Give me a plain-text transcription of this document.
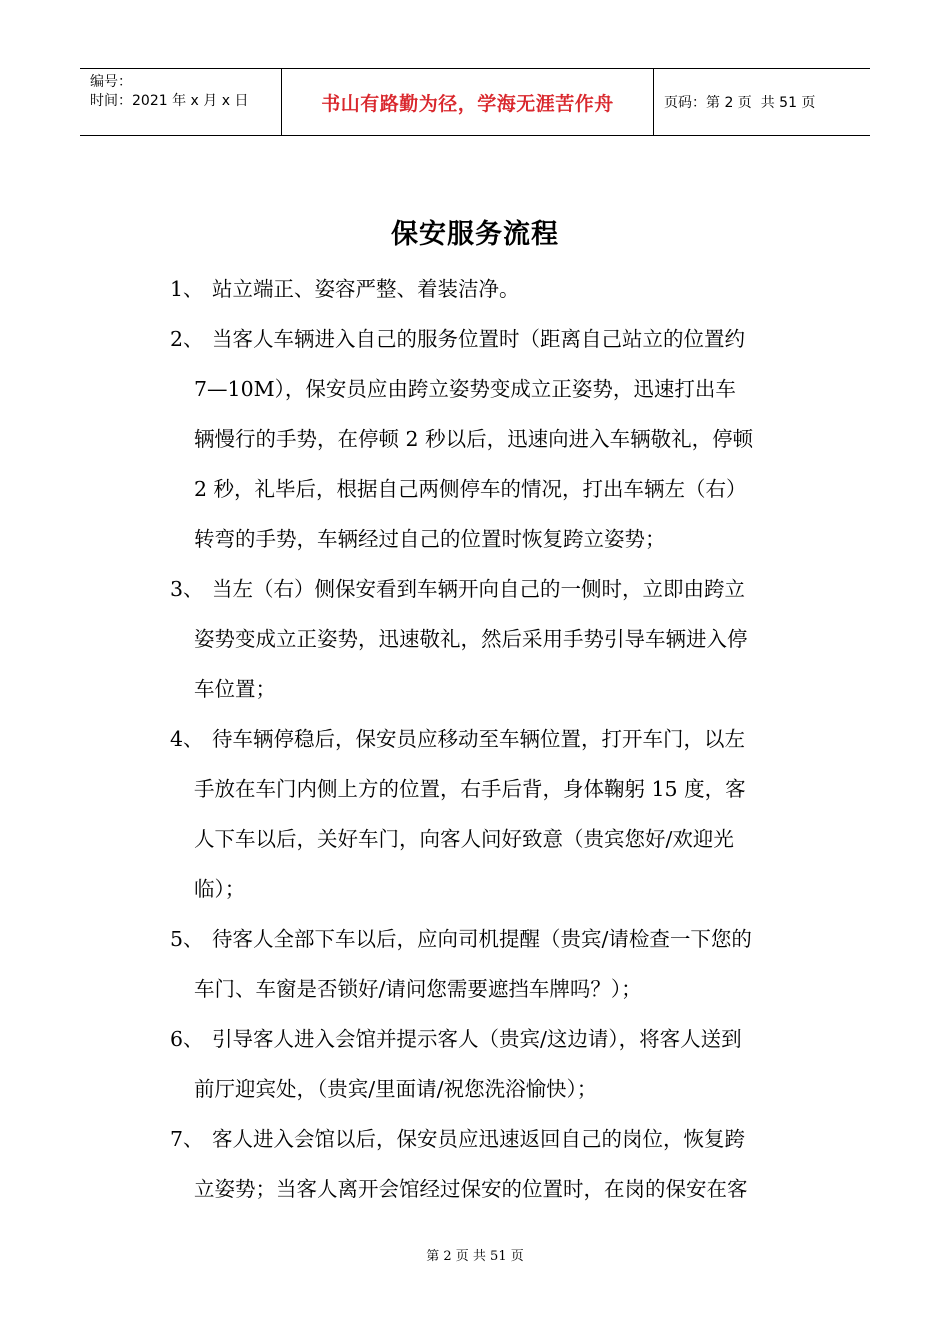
编号：
时间：2021 年 x 月 x 日	书山有路勤为径，学海无涯苦作舟	页码：第 2 页  共 51 页
保安服务流程
1、 站立端正、姿容严整、着装洁净。
2、 当客人车辆进入自己的服务位置时（距离自己站立的位置约
7—10M），保安员应由跨立姿势变成立正姿势，迅速打出车
辆慢行的手势，在停顿 2 秒以后，迅速向进入车辆敬礼，停顿
2 秒，礼毕后，根据自己两侧停车的情况，打出车辆左（右）
转弯的手势，车辆经过自己的位置时恢复跨立姿势；
3、 当左（右）侧保安看到车辆开向自己的一侧时，立即由跨立
姿势变成立正姿势，迅速敬礼，然后采用手势引导车辆进入停
车位置；
4、 待车辆停稳后，保安员应移动至车辆位置，打开车门，以左
手放在车门内侧上方的位置，右手后背，身体鞠躬 15 度，客
人下车以后，关好车门，向客人问好致意（贵宾您好/欢迎光
临）；
5、 待客人全部下车以后，应向司机提醒（贵宾/请检查一下您的
车门、车窗是否锁好/请问您需要遮挡车牌吗？）；
6、 引导客人进入会馆并提示客人（贵宾/这边请），将客人送到
前厅迎宾处，（贵宾/里面请/祝您洗浴愉快）；
7、 客人进入会馆以后，保安员应迅速返回自己的岗位，恢复跨
立姿势；当客人离开会馆经过保安的位置时，在岗的保安在客
第 2 页 共 51 页
